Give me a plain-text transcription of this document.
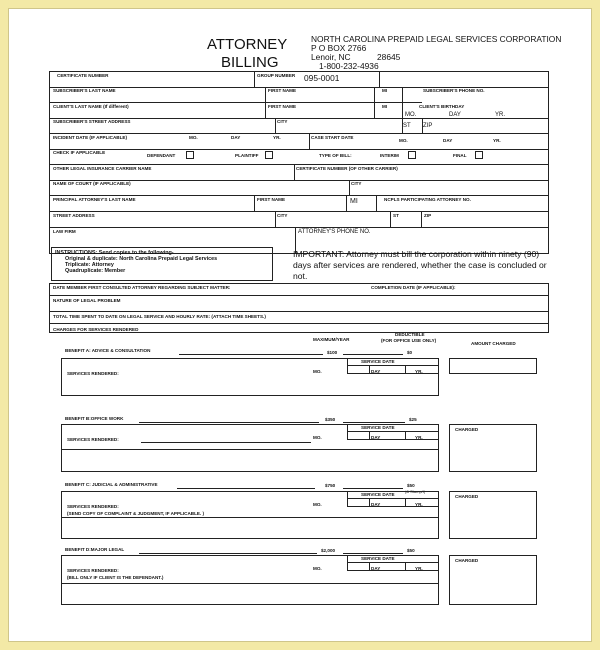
ATTORNEY
BILLING
NORTH CAROLINA PREPAID LEGAL SERVICES CORPORATION
P O BOX 2766
Lenoir, NC	28645
1-800-232-4936
CERTIFICATE NUMBER	GROUP NUMBER 095-0001
SUBSCRIBER'S LAST NAME	FIRST NAME	MI	SUBSCRIBER'S PHONE NO.
CLIENT'S LAST NAME (If different)	FIRST NAME	MI	CLIENT'S BIRTHDAY
MO.	DAY	YR.
SUBSCRIBER'S STREET ADDRESS	CITY
ST ZIP
INCIDENT DATE (IF APPLICABLE)	MO.	DAY	YR.	CASE START DATE
MO.	DAY	YR.
CHECK IF APPLICABLE
DEFENDANT	PLAINTIFF	TYPE OF BILL:	INTERIM	FINAL
OTHER LEGAL INSURANCE CARRIER NAME	CERTIFICATE NUMBER (OF OTHER CARRIER)
NAME OF COURT (IF APPLICABLE)	CITY
PRINCIPAL ATTORNEY'S LAST NAME	FIRST NAME	MI	NCPLS PARTICIPATING ATTORNEY NO.
STREET ADDRESS	CITY	ST	ZIP
LAW FIRM	ATTORNEY'S PHONE NO.
INSTRUCTIONS: Send copies to the following-
Original & duplicate: North Carolina Prepaid Legal Services
Triplicate: Attorney
Quadruplicate: Member
IMPORTANT: Attorney must bill the corporation within ninety (90) days after services are rendered, whether the case is concluded or not.
DATE MEMBER FIRST CONSULTED ATTORNEY REGARDING SUBJECT MATTER:	COMPLETION DATE (IF APPLICABLE):
NATURE OF LEGAL PROBLEM
TOTAL TIME SPENT TO DATE ON LEGAL SERVICE AND HOURLY RATE: (ATTACH TIME SHEETS.)
CHARGES FOR SERVICES RENDERED
MAXIMUM/YEAR
DEDUCTIBLE
(FOR OFFICE USE ONLY)
AMOUNT CHARGED
BENEFIT A: ADVICE & CONSULTATION	$100	$0
SERVICE DATE
MO.	DAY	YR.
SERVICES RENDERED:
BENEFIT B:OFFICE WORK	$350	$25
SERVICE DATE
MO.	DAY	YR.
SERVICES RENDERED:
CHARGED
BENEFIT C: JUDICIAL & ADMINISTRATIVE	$750	$50
(& Stamp/I)
SERVICE DATE
MO.	DAY	YR.
SERVICES RENDERED:
(SEND COPY OF COMPLAINT & JUDGMENT, IF APPLICABLE. )
CHARGED
BENEFIT D:MAJOR LEGAL	$2,000	$50
SERVICE DATE
MO.	DAY	YR.
SERVICES RENDERED:
(BILL ONLY IF CLIENT IS THE DEFENDANT.)
CHARGED
